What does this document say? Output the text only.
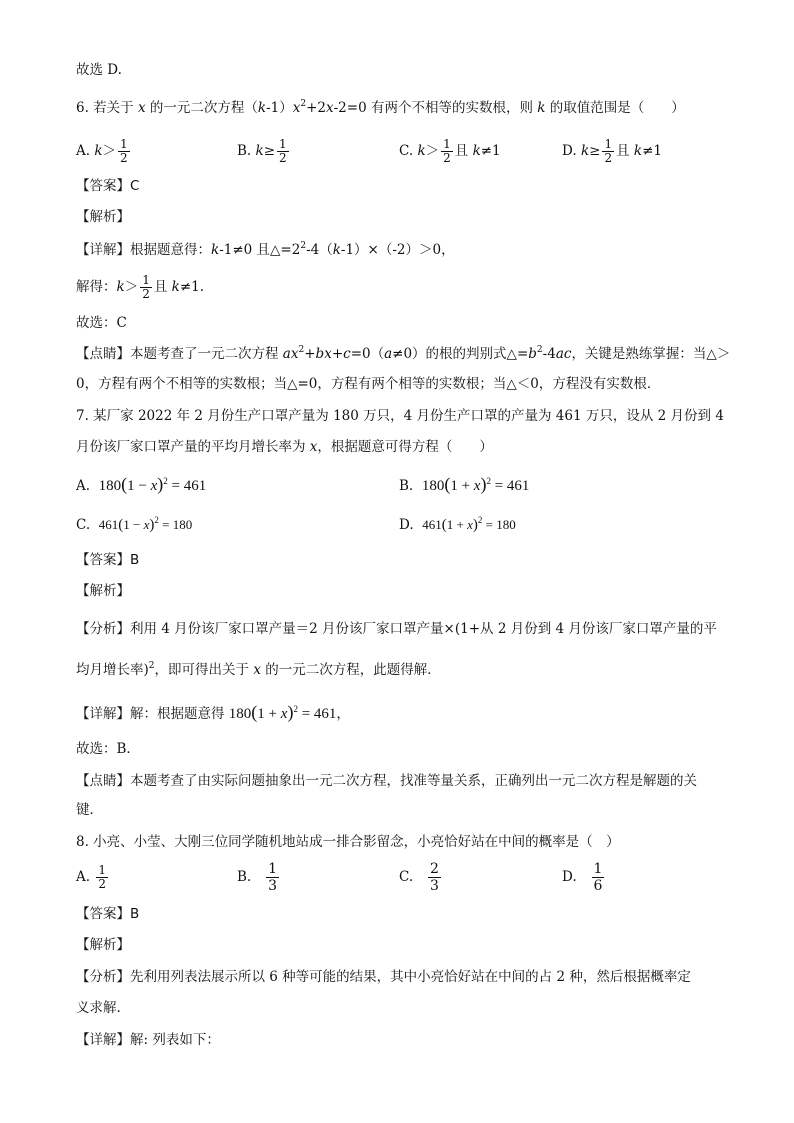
故选 D.
6. 若关于 x 的一元二次方程$(k-1)x^2+2x-2=0$ 有两个不相等的实数根，则 k 的取值范围是（　　）
A. $k> \frac{1}{2}$	B. $k\ge \frac{1}{2}$	C. $k> \frac{1}{2}$ 且 k≠1	D. $k\ge \frac{1}{2}$ 且 k≠1
【答案】C
【解析】
【详解】根据题意得：k-1≠0 且$\triangle=2^2-4(k-1)\times(-2)>0$，
解得：$k> \frac{1}{2}$ 且 k≠1.
故选：C
【点睛】本题考查了一元二次方程 $ax^2+bx+c=0(a\ne 0)$的根的判别式$\triangle=b^2-4ac$，关键是熟练掌握：当△＞
0，方程有两个不相等的实数根；当△=0，方程有两个相等的实数根；当△＜0，方程没有实数根．
7. 某厂家 2022 年 2 月份生产口罩产量为 180 万只，4 月份生产口罩的产量为 461 万只，设从 2 月份到 4
月份该厂家口罩产量的平均月增长率为 x，根据题意可得方程（　　）
A. $180(1 - x)^2 = 461$	B. $180(1 + x)^2 = 461$
C. $461(1 - x)^2 = 180$	D. $461(1 + x)^2 = 180$
【答案】B
【解析】
【分析】利用 4 月份该厂家口罩产量＝2 月份该厂家口罩产量×(1+从 2 月份到 4 月份该厂家口罩产量的平
均月增长率)$^2$，即可得出关于 x 的一元二次方程，此题得解．
【详解】解：根据题意得 $180(1 + x)^2 = 461$，
故选：B．
【点睛】本题考查了由实际问题抽象出一元二次方程，找准等量关系，正确列出一元二次方程是解题的关
键．
8. 小亮、小莹、大刚三位同学随机地站成一排合影留念，小亮恰好站在中间的概率是（　）
A. $\frac{1}{2}$	B. $\frac{1}{3}$	C. $\frac{2}{3}$	D. $\frac{1}{6}$
【答案】B
【解析】
【分析】先利用列表法展示所以 6 种等可能的结果，其中小亮恰好站在中间的占 2 种，然后根据概率定
义求解.
【详解】解: 列表如下：
